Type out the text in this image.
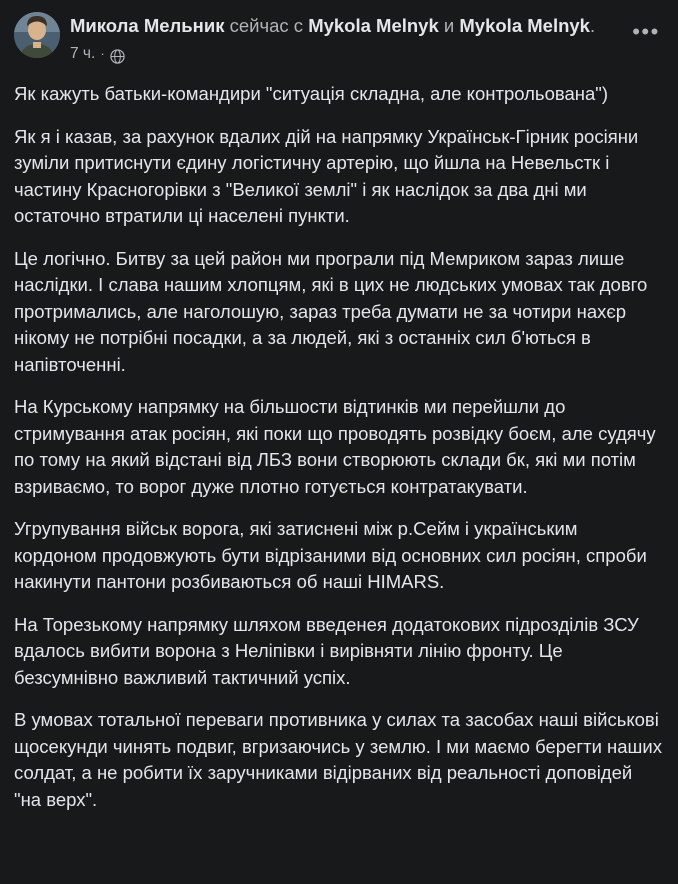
Микола Мельник сейчас с Mykola Melnyk и Mykola Melnyk.
7 ч. ·
•••

Як кажуть батьки-командири "ситуація складна, але контрольована")

Як я і казав, за рахунок вдалих дій на напрямку Українськ-Гірник росіяни зуміли притиснути єдину логістичну артерію, що йшла на Невельстк і частину Красногорівки з "Великої землі" і як наслідок за два дні ми остаточно втратили ці населені пункти.

Це логічно. Битву за цей район ми програли під Мемриком зараз лише наслідки. І слава нашим хлопцям, які в цих не людських умовах так довго протримались, але наголошую, зараз треба думати не за чотири нахєр нікому не потрібні посадки, а за людей, які з останніх сил б'ються в напівточенні.

На Курському напрямку на більшости відтинків ми перейшли до стримування атак росіян, які поки що проводять розвідку боєм, але судячу по тому на який відстані від ЛБЗ вони створюють склади бк, які ми потім взриваємо, то ворог дуже плотно готується контратакувати.

Угрупування військ ворога, які затиснені між р.Сейм і українським кордоном продовжують бути відрізаними від основних сил росіян, спроби накинути пантони розбиваються об наші HIMARS.

На Торезькому напрямку шляхом введенея додатокових підрозділів ЗСУ вдалось вибити ворона з Неліпівки і вирівняти лінію фронту. Це безсумнівно важливий тактичний успіх.

В умовах тотальної переваги противника у силах та засобах наші військові щосекунди чинять подвиг, вгризаючись у землю. І ми маємо берегти наших солдат, а не робити їх заручниками відірваних від реальності доповідей "на верх".
